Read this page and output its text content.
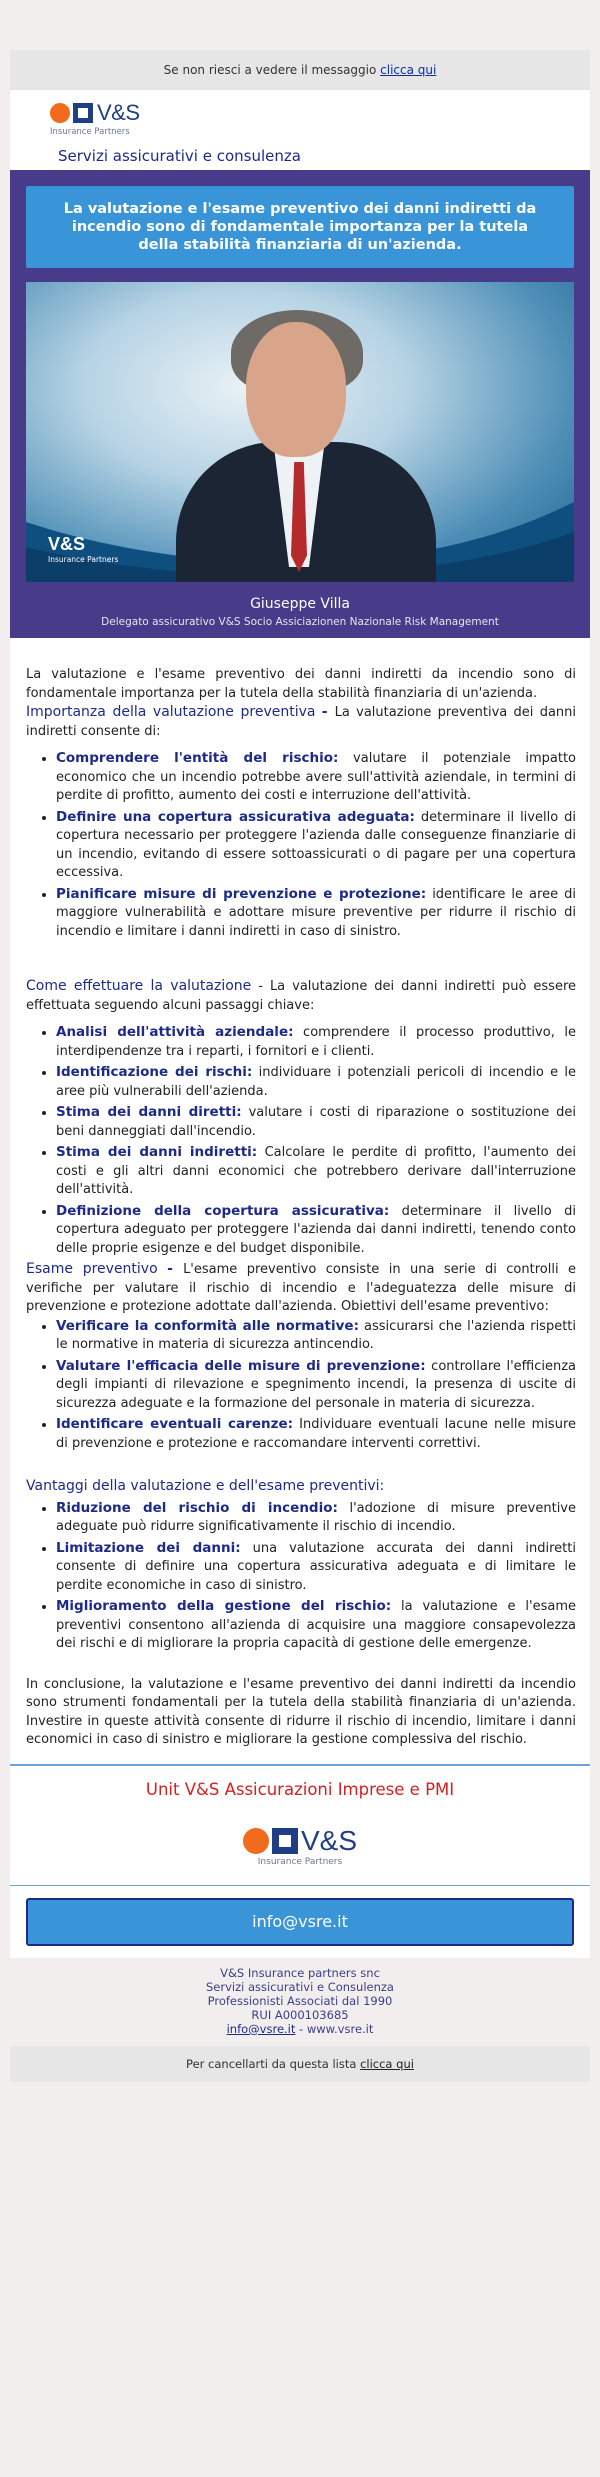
Se non riesci a vedere il messaggio clicca qui
V&S
Insurance Partners
Servizi assicurativi e consulenza
La valutazione e l'esame preventivo dei danni indiretti da incendio sono di fondamentale importanza per la tutela della stabilità finanziaria di un'azienda.
V&S
Insurance Partners
Giuseppe Villa
Delegato assicurativo V&S Socio Assiciazionen Nazionale Risk Management

La valutazione e l'esame preventivo dei danni indiretti da incendio sono di fondamentale importanza per la tutela della stabilità finanziaria di un'azienda.

Importanza della valutazione preventiva - La valutazione preventiva dei danni indiretti consente di:

• Comprendere l'entità del rischio: valutare il potenziale impatto economico che un incendio potrebbe avere sull'attività aziendale, in termini di perdite di profitto, aumento dei costi e interruzione dell'attività.
• Definire una copertura assicurativa adeguata: determinare il livello di copertura necessario per proteggere l'azienda dalle conseguenze finanziarie di un incendio, evitando di essere sottoassicurati o di pagare per una copertura eccessiva.
• Pianificare misure di prevenzione e protezione: identificare le aree di maggiore vulnerabilità e adottare misure preventive per ridurre il rischio di incendio e limitare i danni indiretti in caso di sinistro.

Come effettuare la valutazione - La valutazione dei danni indiretti può essere effettuata seguendo alcuni passaggi chiave:

• Analisi dell'attività aziendale: comprendere il processo produttivo, le interdipendenze tra i reparti, i fornitori e i clienti.
• Identificazione dei rischi: individuare i potenziali pericoli di incendio e le aree più vulnerabili dell'azienda.
• Stima dei danni diretti: valutare i costi di riparazione o sostituzione dei beni danneggiati dall'incendio.
• Stima dei danni indiretti: Calcolare le perdite di profitto, l'aumento dei costi e gli altri danni economici che potrebbero derivare dall'interruzione dell'attività.
• Definizione della copertura assicurativa: determinare il livello di copertura adeguato per proteggere l'azienda dai danni indiretti, tenendo conto delle proprie esigenze e del budget disponibile.

Esame preventivo - L'esame preventivo consiste in una serie di controlli e verifiche per valutare il rischio di incendio e l'adeguatezza delle misure di prevenzione e protezione adottate dall'azienda. Obiettivi dell'esame preventivo:

• Verificare la conformità alle normative: assicurarsi che l'azienda rispetti le normative in materia di sicurezza antincendio.
• Valutare l'efficacia delle misure di prevenzione: controllare l'efficienza degli impianti di rilevazione e spegnimento incendi, la presenza di uscite di sicurezza adeguate e la formazione del personale in materia di sicurezza.
• Identificare eventuali carenze: Individuare eventuali lacune nelle misure di prevenzione e protezione e raccomandare interventi correttivi.

Vantaggi della valutazione e dell'esame preventivi:

• Riduzione del rischio di incendio: l'adozione di misure preventive adeguate può ridurre significativamente il rischio di incendio.
• Limitazione dei danni: una valutazione accurata dei danni indiretti consente di definire una copertura assicurativa adeguata e di limitare le perdite economiche in caso di sinistro.
• Miglioramento della gestione del rischio: la valutazione e l'esame preventivi consentono all'azienda di acquisire una maggiore consapevolezza dei rischi e di migliorare la propria capacità di gestione delle emergenze.

In conclusione, la valutazione e l'esame preventivo dei danni indiretti da incendio sono strumenti fondamentali per la tutela della stabilità finanziaria di un'azienda. Investire in queste attività consente di ridurre il rischio di incendio, limitare i danni economici in caso di sinistro e migliorare la gestione complessiva del rischio.

Unit V&S Assicurazioni Imprese e PMI
V&S
Insurance Partners
info@vsre.it
V&S Insurance partners snc
Servizi assicurativi e Consulenza
Professionisti Associati dal 1990
RUI A000103685
info@vsre.it - www.vsre.it
Per cancellarti da questa lista clicca qui
